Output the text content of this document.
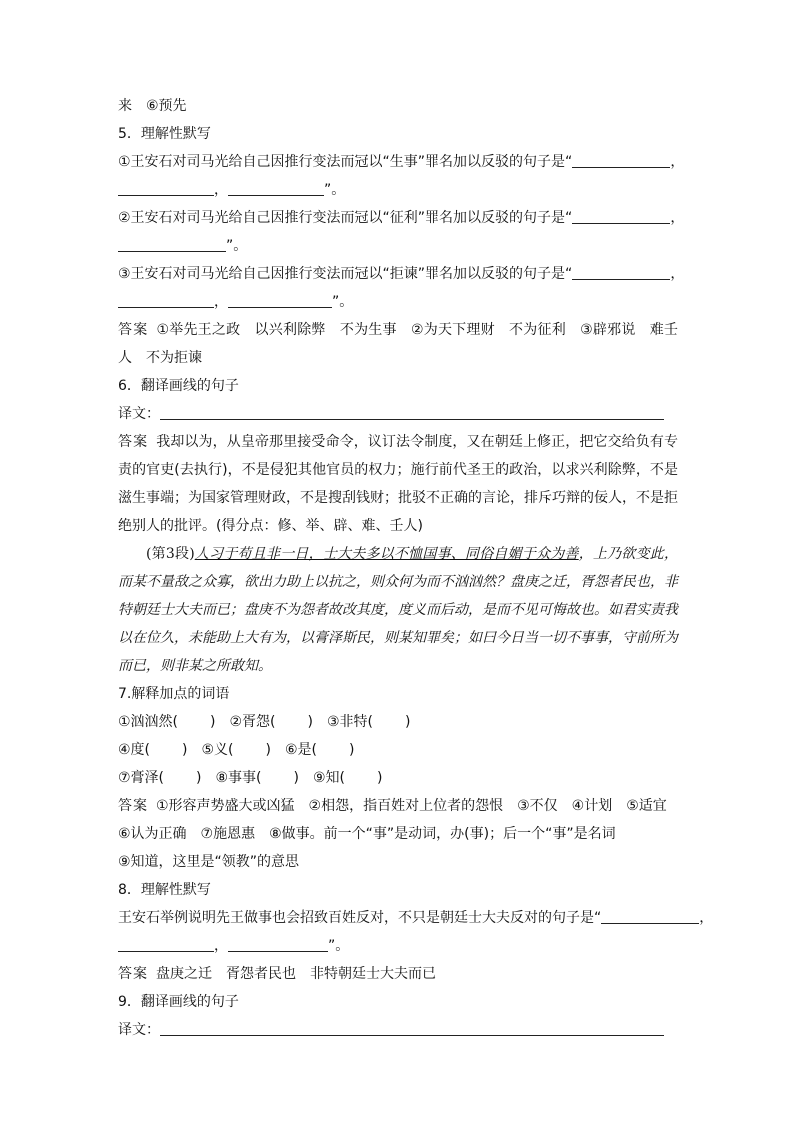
来　⑥预先
5．理解性默写
①王安石对司马光给自己因推行变法而冠以“生事”罪名加以反驳的句子是“	，
，	”。
②王安石对司马光给自己因推行变法而冠以“征利”罪名加以反驳的句子是“	，
”。
③王安石对司马光给自己因推行变法而冠以“拒谏”罪名加以反驳的句子是“	，
，	”。
答案 ①举先王之政　以兴利除弊　不为生事　②为天下理财　不为征利　③辟邪说　难壬人　不为拒谏
6．翻译画线的句子
译文：
答案 我却以为，从皇帝那里接受命令，议订法令制度，又在朝廷上修正，把它交给负有专责的官吏(去执行)，不是侵犯其他官员的权力；施行前代圣王的政治，以求兴利除弊，不是滋生事端；为国家管理财政，不是搜刮钱财；批驳不正确的言论，排斥巧辩的佞人，不是拒绝别人的批评。(得分点：修、举、辟、难、壬人)

(第3段)人习于苟且非一日，士大夫多以不恤国事、同俗自媚于众为善，上乃欲变此，而某不量敌之众寡，欲出力助上以抗之，则众何为而不汹汹然？盘庚之迁，胥怨者民也，非特朝廷士大夫而已；盘庚不为怨者故改其度，度义而后动，是而不见可悔故也。如君实责我以在位久，未能助上大有为，以膏泽斯民，则某知罪矣；如曰今日当一切不事事，守前所为而已，则非某之所敢知。

7.解释加点的词语
①汹汹然( )　②胥怨( )　③非特( )
④度( )　⑤义( )　⑥是( )
⑦膏泽( )　⑧事事( )　⑨知( )
答案 ①形容声势盛大或凶猛　②相怨，指百姓对上位者的怨恨　③不仅　④计划　⑤适宜
⑥认为正确　⑦施恩惠　⑧做事。前一个“事”是动词，办(事)；后一个“事”是名词
⑨知道，这里是“领教”的意思
8．理解性默写
王安石举例说明先王做事也会招致百姓反对，不只是朝廷士大夫反对的句子是“	，
，	”。
答案 盘庚之迁　胥怨者民也　非特朝廷士大夫而已
9．翻译画线的句子
译文：
